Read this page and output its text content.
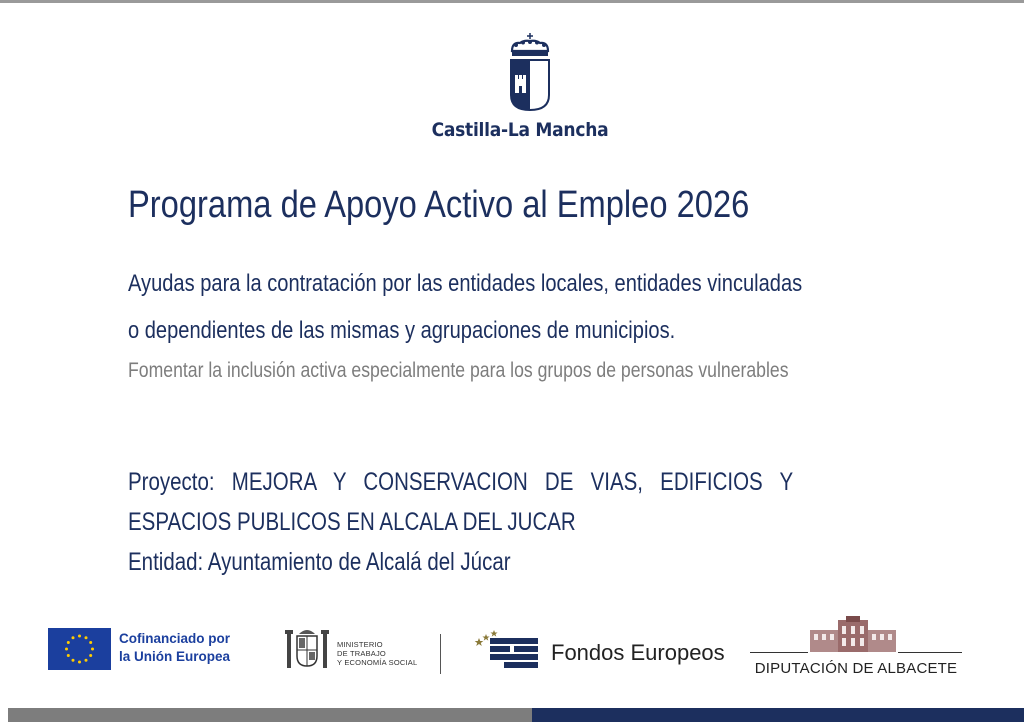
Castilla-La Mancha
Programa de Apoyo Activo al Empleo 2026
Ayudas para la contratación por las entidades locales, entidades vinculadas
o dependientes de las mismas y agrupaciones de municipios.
Fomentar la inclusión activa especialmente para los grupos de personas vulnerables
Proyecto: MEJORA Y CONSERVACION DE VIAS, EDIFICIOS Y
ESPACIOS PUBLICOS EN ALCALA DEL JUCAR
Entidad: Ayuntamiento de Alcalá del Júcar
Cofinanciado por
la Unión Europea
MINISTERIO
DE TRABAJO
Y ECONOMÍA SOCIAL	Fondos Europeos
DIPUTACIÓN DE ALBACETE
